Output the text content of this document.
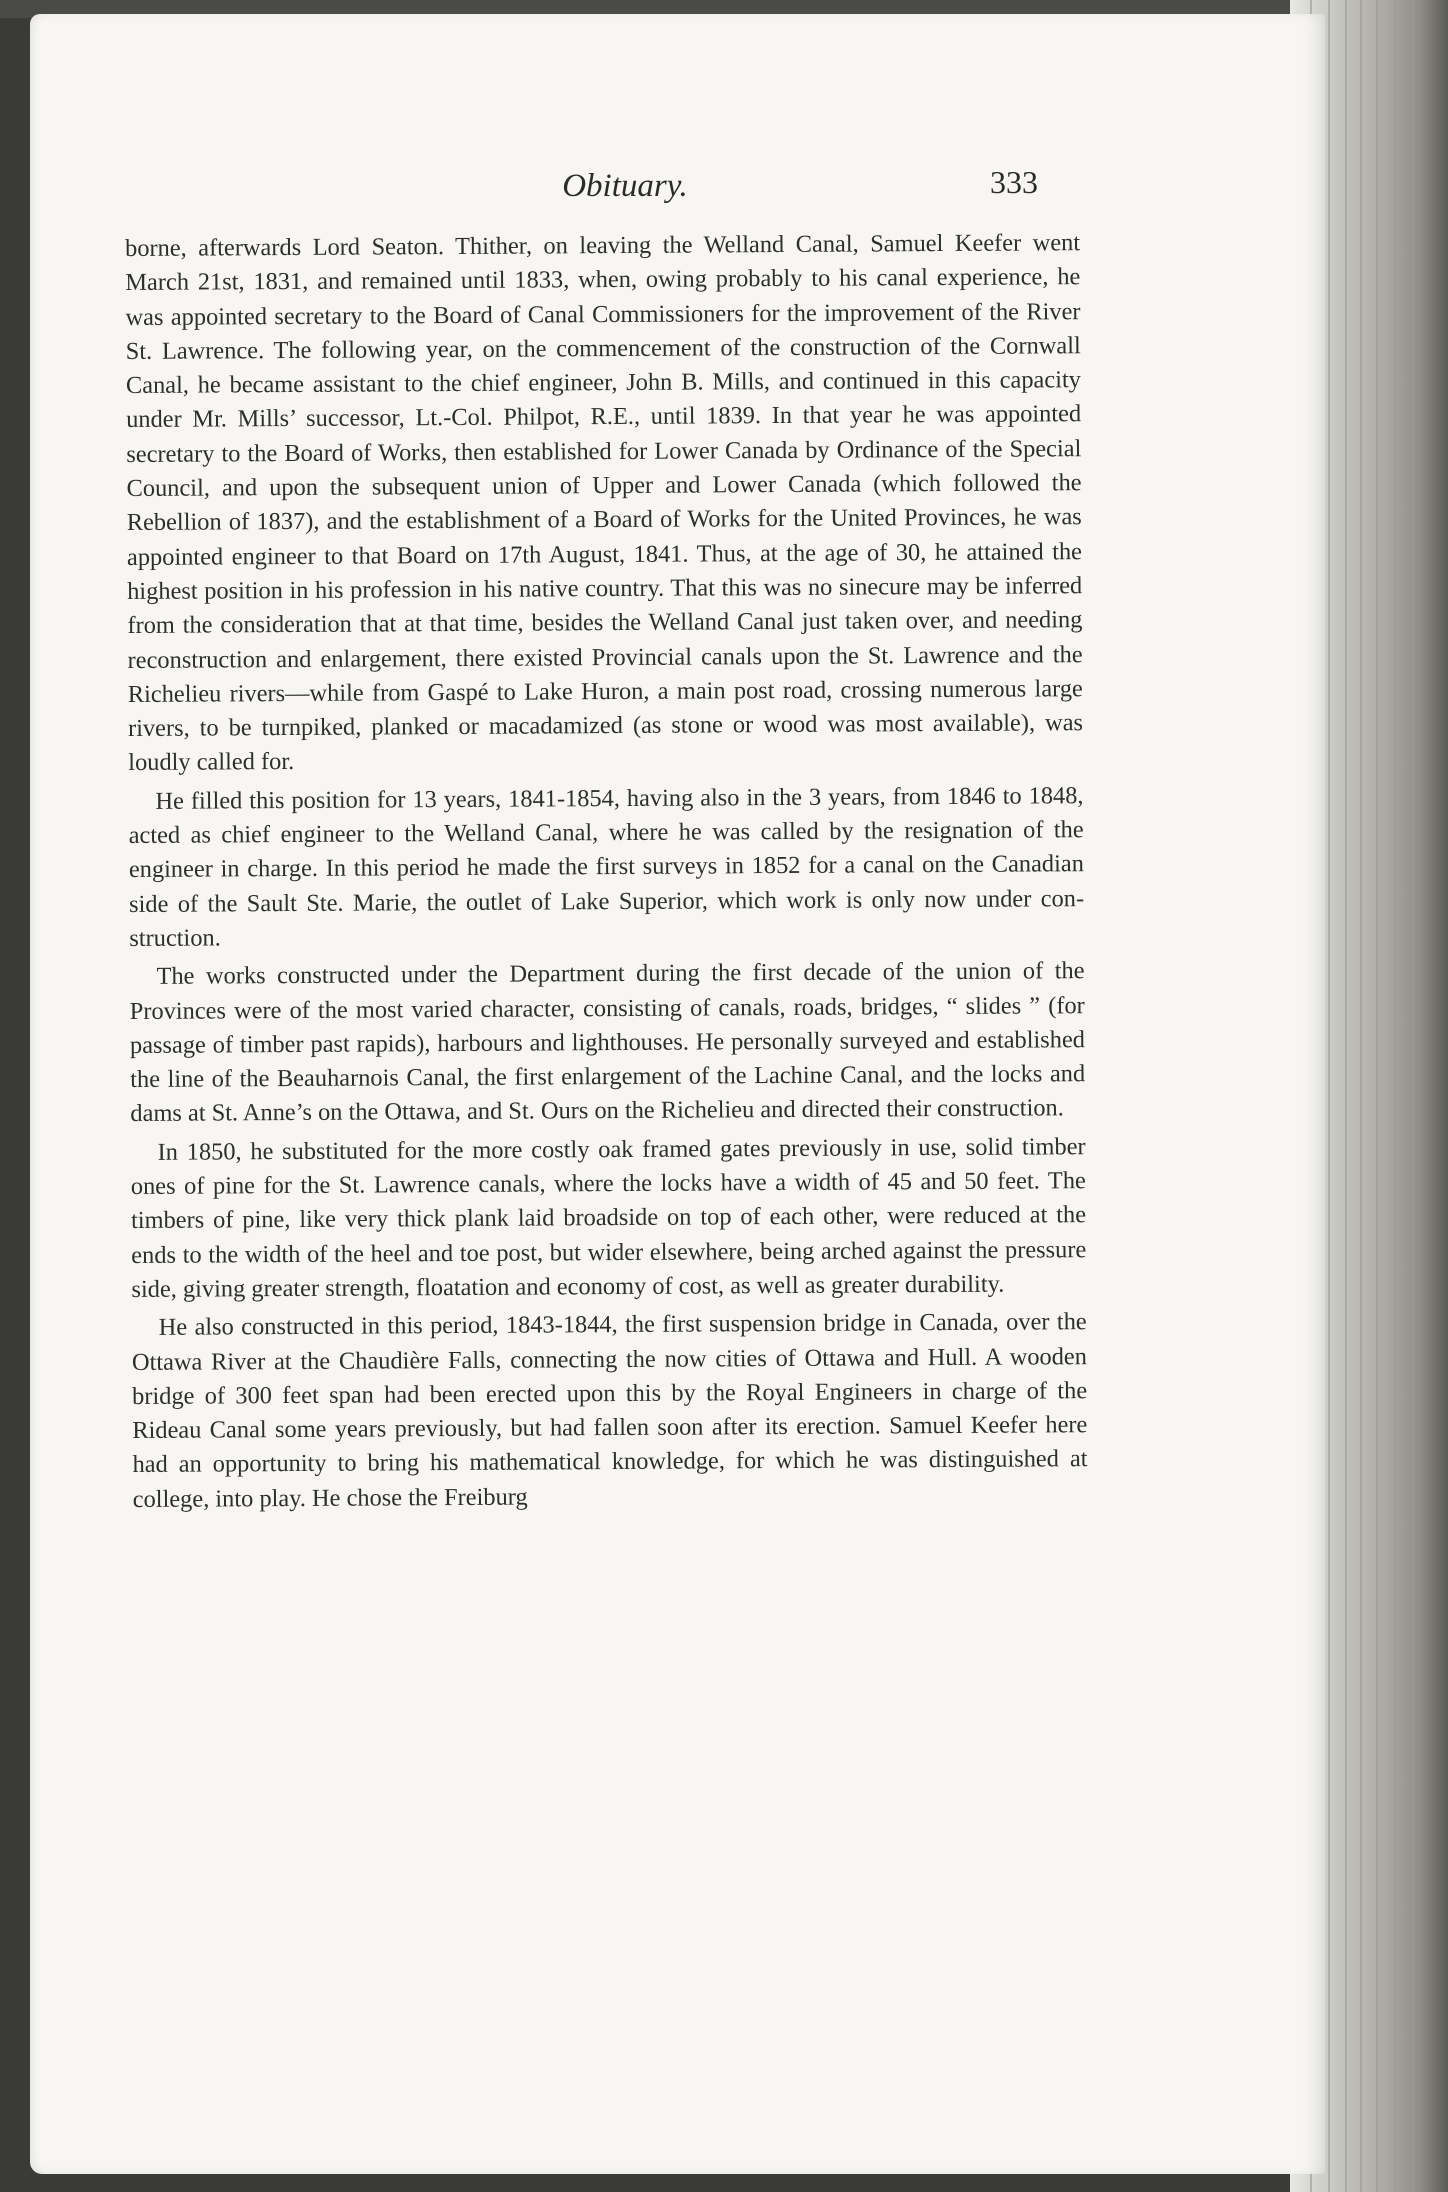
Obituary.	333

borne, afterwards Lord Seaton. Thither, on leaving the Welland Canal, Samuel Keefer went March 21st, 1831, and remained until 1833, when, owing probably to his canal experience, he was appointed secretary to the Board of Canal Commissioners for the improvement of the River St. Lawrence. The following year, on the commencement of the construction of the Cornwall Canal, he became assistant to the chief engineer, John B. Mills, and continued in this capacity under Mr. Mills’ successor, Lt.-Col. Philpot, R.E., until 1839. In that year he was appointed secretary to the Board of Works, then established for Lower Canada by Ordinance of the Special Council, and upon the subsequent union of Upper and Lower Canada (which followed the Rebellion of 1837), and the establishment of a Board of Works for the United Provinces, he was appointed engineer to that Board on 17th August, 1841. Thus, at the age of 30, he attained the highest position in his profession in his native country. That this was no sinecure may be inferred from the consideration that at that time, besides the Welland Canal just taken over, and needing reconstruction and enlargement, there existed Provincial canals upon the St. Lawrence and the Richelieu rivers—while from Gaspé to Lake Huron, a main post road, crossing numerous large rivers, to be turnpiked, planked or macadamized (as stone or wood was most available), was loudly called for.

He filled this position for 13 years, 1841-1854, having also in the 3 years, from 1846 to 1848, acted as chief engineer to the Welland Canal, where he was called by the resignation of the engineer in charge. In this period he made the first surveys in 1852 for a canal on the Canadian side of the Sault Ste. Marie, the outlet of Lake Superior, which work is only now under construction.

The works constructed under the Department during the first decade of the union of the Provinces were of the most varied character, consisting of canals, roads, bridges, “ slides ” (for passage of timber past rapids), harbours and lighthouses. He personally surveyed and established the line of the Beauharnois Canal, the first enlargement of the Lachine Canal, and the locks and dams at St. Anne’s on the Ottawa, and St. Ours on the Richelieu and directed their construction.

In 1850, he substituted for the more costly oak framed gates previously in use, solid timber ones of pine for the St. Lawrence canals, where the locks have a width of 45 and 50 feet. The timbers of pine, like very thick plank laid broadside on top of each other, were reduced at the ends to the width of the heel and toe post, but wider elsewhere, being arched against the pressure side, giving greater strength, floatation and economy of cost, as well as greater durability.

He also constructed in this period, 1843-1844, the first suspension bridge in Canada, over the Ottawa River at the Chaudière Falls, connecting the now cities of Ottawa and Hull. A wooden bridge of 300 feet span had been erected upon this by the Royal Engineers in charge of the Rideau Canal some years previously, but had fallen soon after its erection. Samuel Keefer here had an opportunity to bring his mathematical knowledge, for which he was distinguished at college, into play. He chose the Freiburg
